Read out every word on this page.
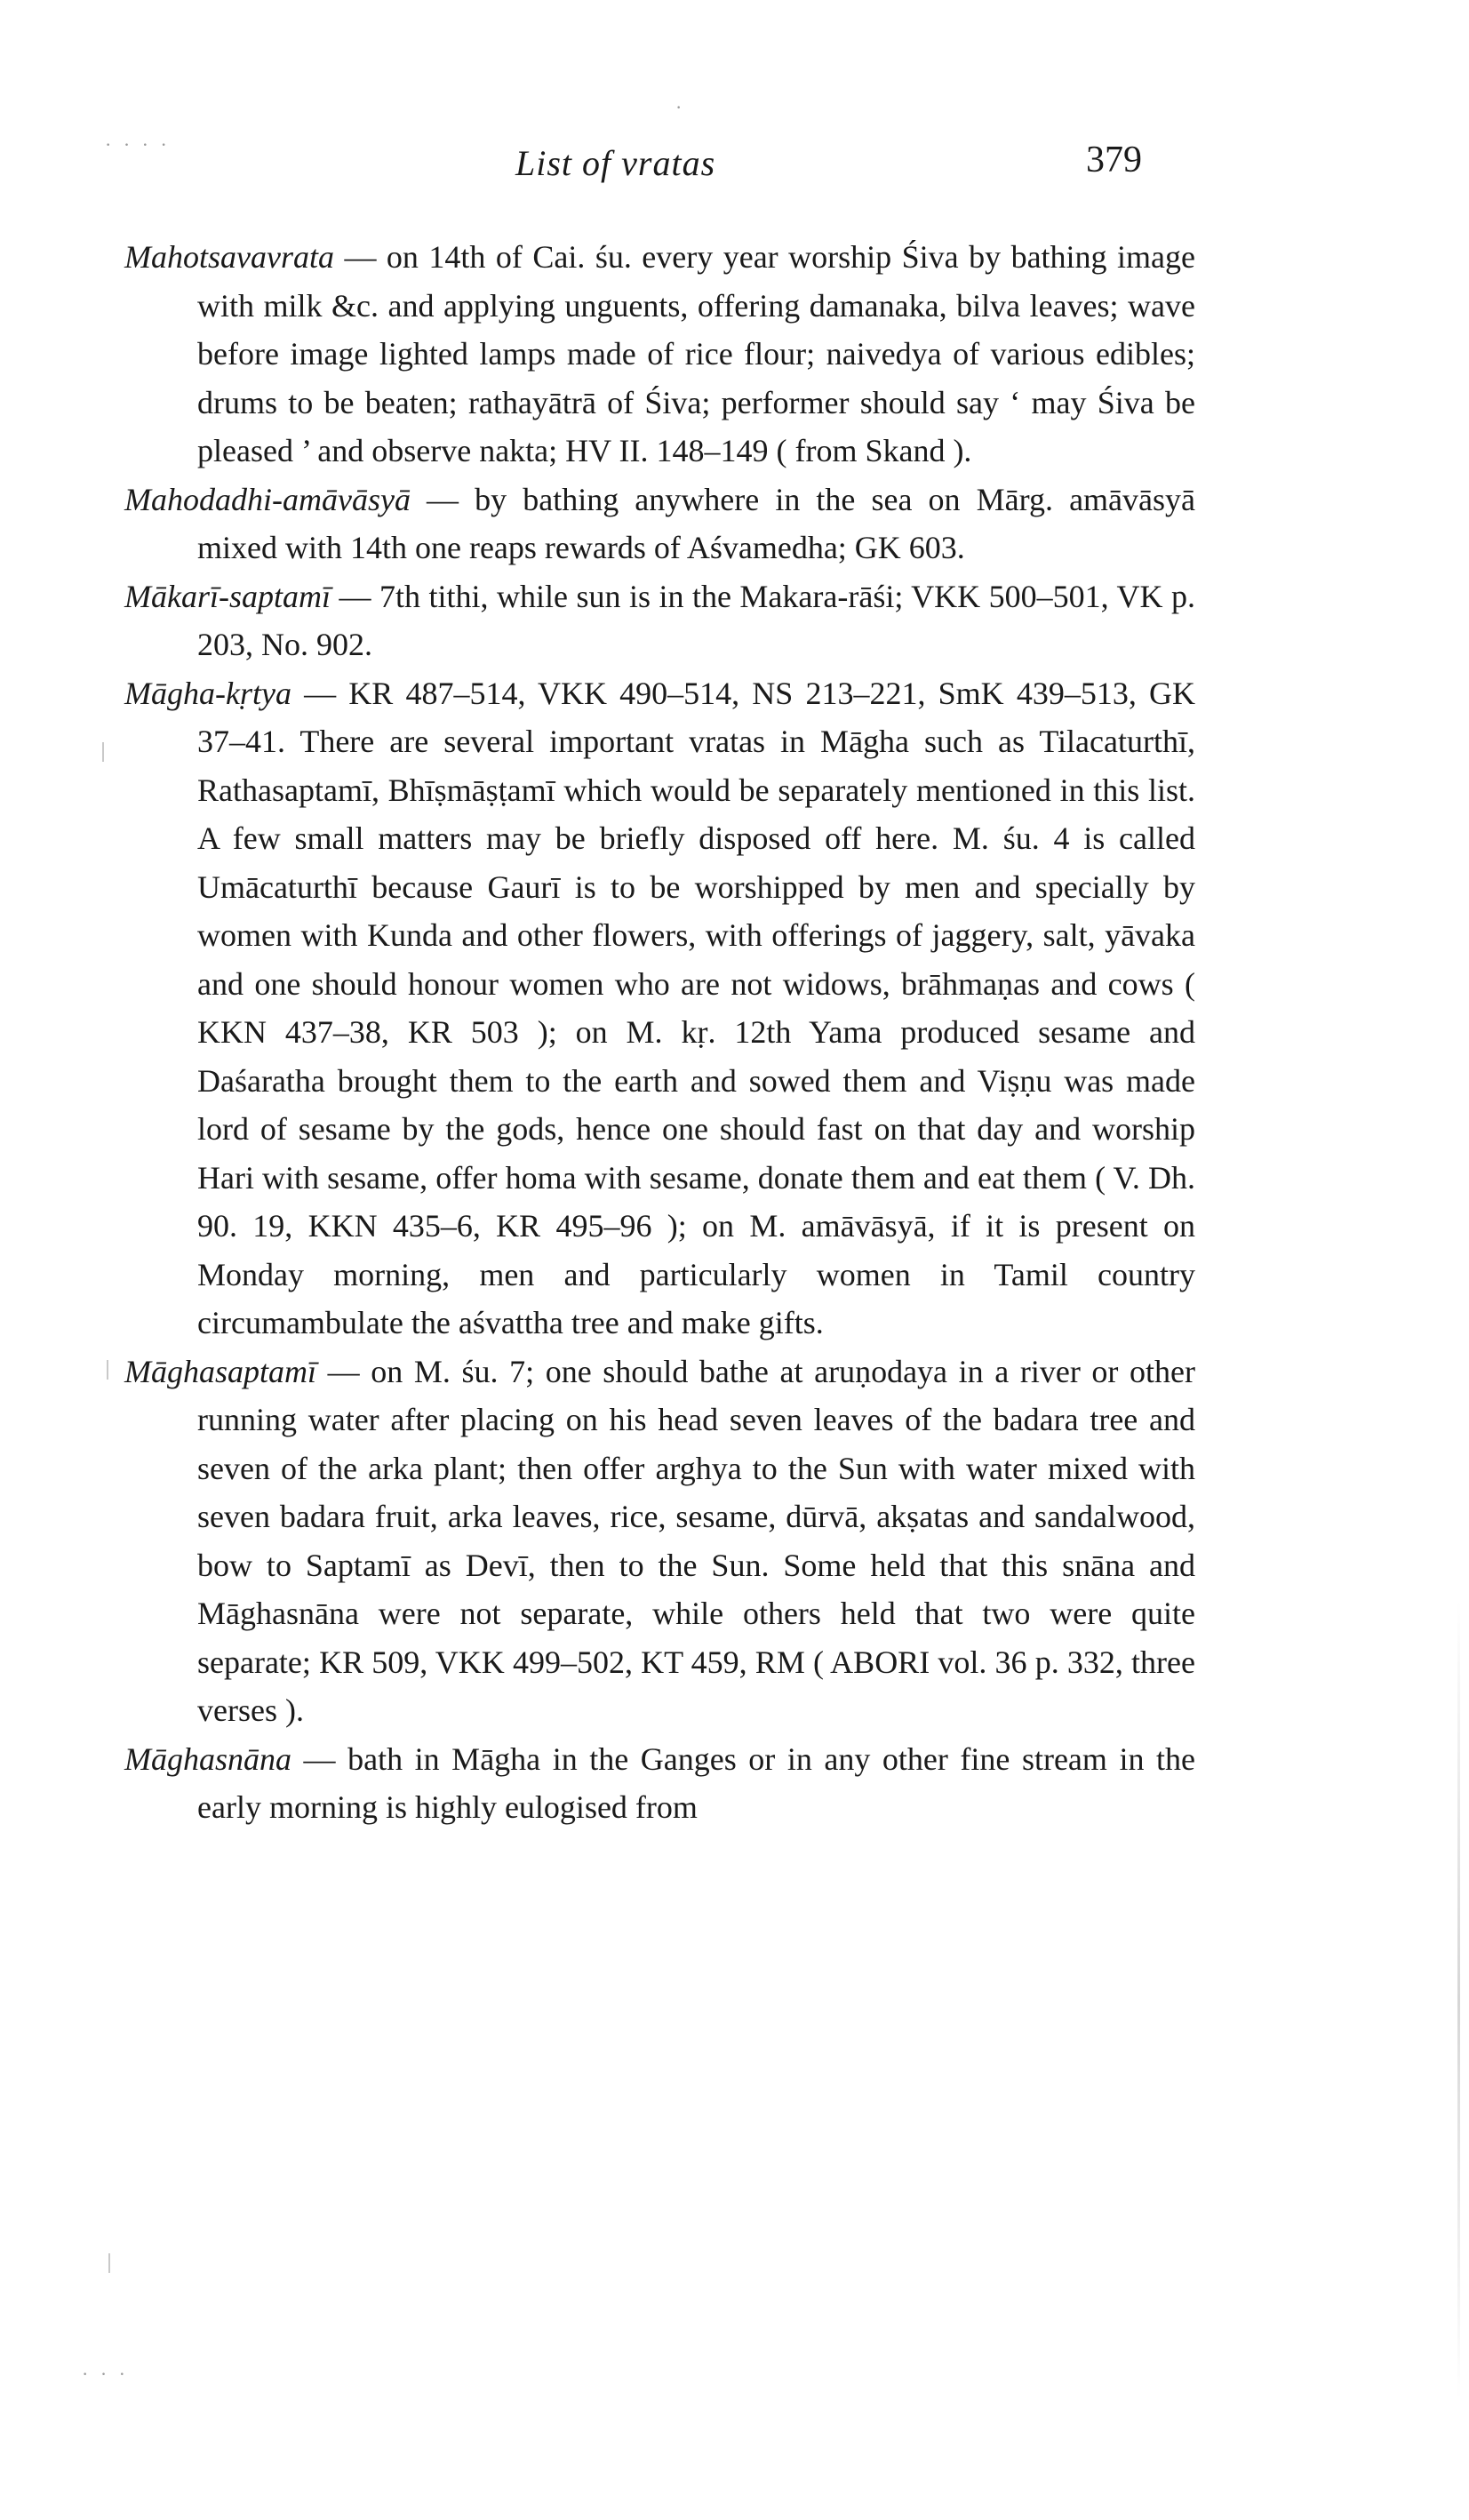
· · · ·
·
· · ·
List of vratas	379

Mahotsavavrata — on 14th of Cai. śu. every year worship Śiva by bathing image with milk &c. and applying unguents, offering damanaka, bilva leaves; wave before image lighted lamps made of rice flour; naivedya of various edibles; drums to be beaten; rathayātrā of Śiva; performer should say ‘ may Śiva be pleased ’ and observe nakta; HV II. 148–149 ( from Skand ).

Mahodadhi-amāvāsyā — by bathing anywhere in the sea on Mārg. amāvāsyā mixed with 14th one reaps rewards of Aśvamedha; GK 603.

Mākarī-saptamī — 7th tithi, while sun is in the Makara-rāśi; VKK 500–501, VK p. 203, No. 902.

Māgha-kṛtya — KR 487–514, VKK 490–514, NS 213–221, SmK 439–513, GK 37–41. There are several important vratas in Māgha such as Tilacaturthī, Rathasaptamī, Bhīṣmāṣṭamī which would be separately mentioned in this list. A few small matters may be briefly disposed off here. M. śu. 4 is called Umācaturthī because Gaurī is to be worshipped by men and specially by women with Kunda and other flowers, with offerings of jaggery, salt, yāvaka and one should honour women who are not widows, brāhmaṇas and cows ( KKN 437–38, KR 503 ); on M. kṛ. 12th Yama produced sesame and Daśaratha brought them to the earth and sowed them and Viṣṇu was made lord of sesame by the gods, hence one should fast on that day and worship Hari with sesame, offer homa with sesame, donate them and eat them ( V. Dh. 90. 19, KKN 435–6, KR 495–96 ); on M. amāvāsyā, if it is present on Monday morning, men and particularly women in Tamil country circumambulate the aśvattha tree and make gifts.

Māghasaptamī — on M. śu. 7; one should bathe at aruṇodaya in a river or other running water after placing on his head seven leaves of the badara tree and seven of the arka plant; then offer arghya to the Sun with water mixed with seven badara fruit, arka leaves, rice, sesame, dūrvā, akṣatas and sandalwood, bow to Saptamī as Devī, then to the Sun. Some held that this snāna and Māghasnāna were not separate, while others held that two were quite separate; KR 509, VKK 499–502, KT 459, RM ( ABORI vol. 36 p. 332, three verses ).

Māghasnāna — bath in Māgha in the Ganges or in any other fine stream in the early morning is highly eulogised from
